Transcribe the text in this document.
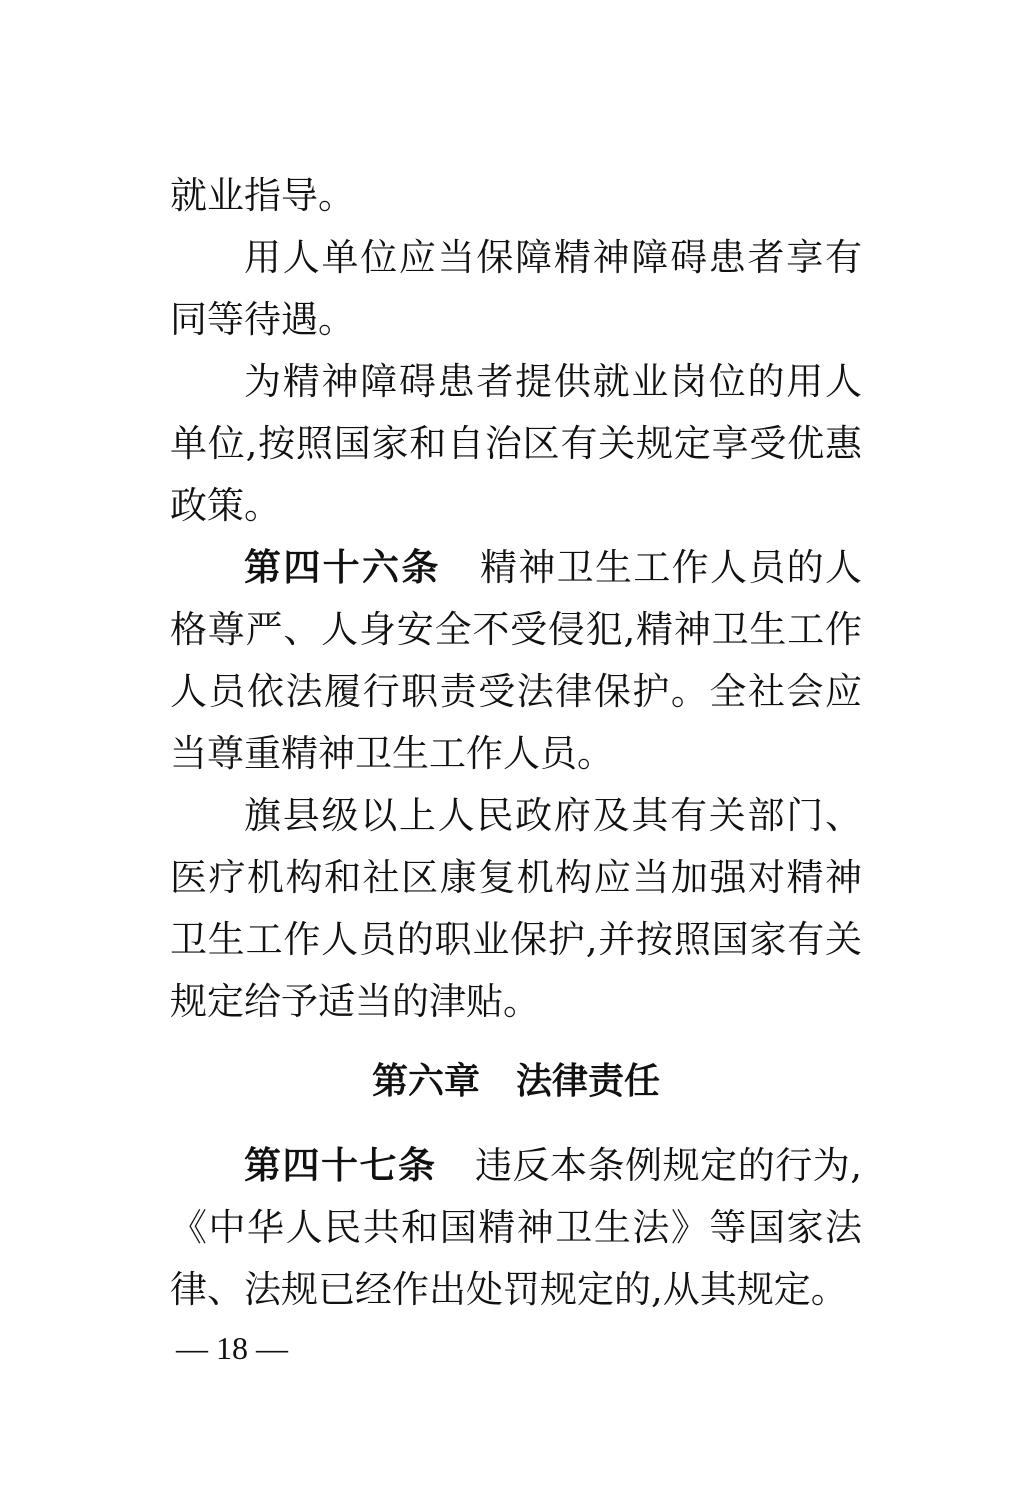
就业指导。

用人单位应当保障精神障碍患者享有同等待遇。

为精神障碍患者提供就业岗位的用人单位,按照国家和自治区有关规定享受优惠政策。

第四十六条 精神卫生工作人员的人格尊严、人身安全不受侵犯,精神卫生工作人员依法履行职责受法律保护。全社会应当尊重精神卫生工作人员。

旗县级以上人民政府及其有关部门、医疗机构和社区康复机构应当加强对精神卫生工作人员的职业保护,并按照国家有关规定给予适当的津贴。

第六章 法律责任

第四十七条 违反本条例规定的行为,《中华人民共和国精神卫生法》等国家法律、法规已经作出处罚规定的,从其规定。

— 18 —
